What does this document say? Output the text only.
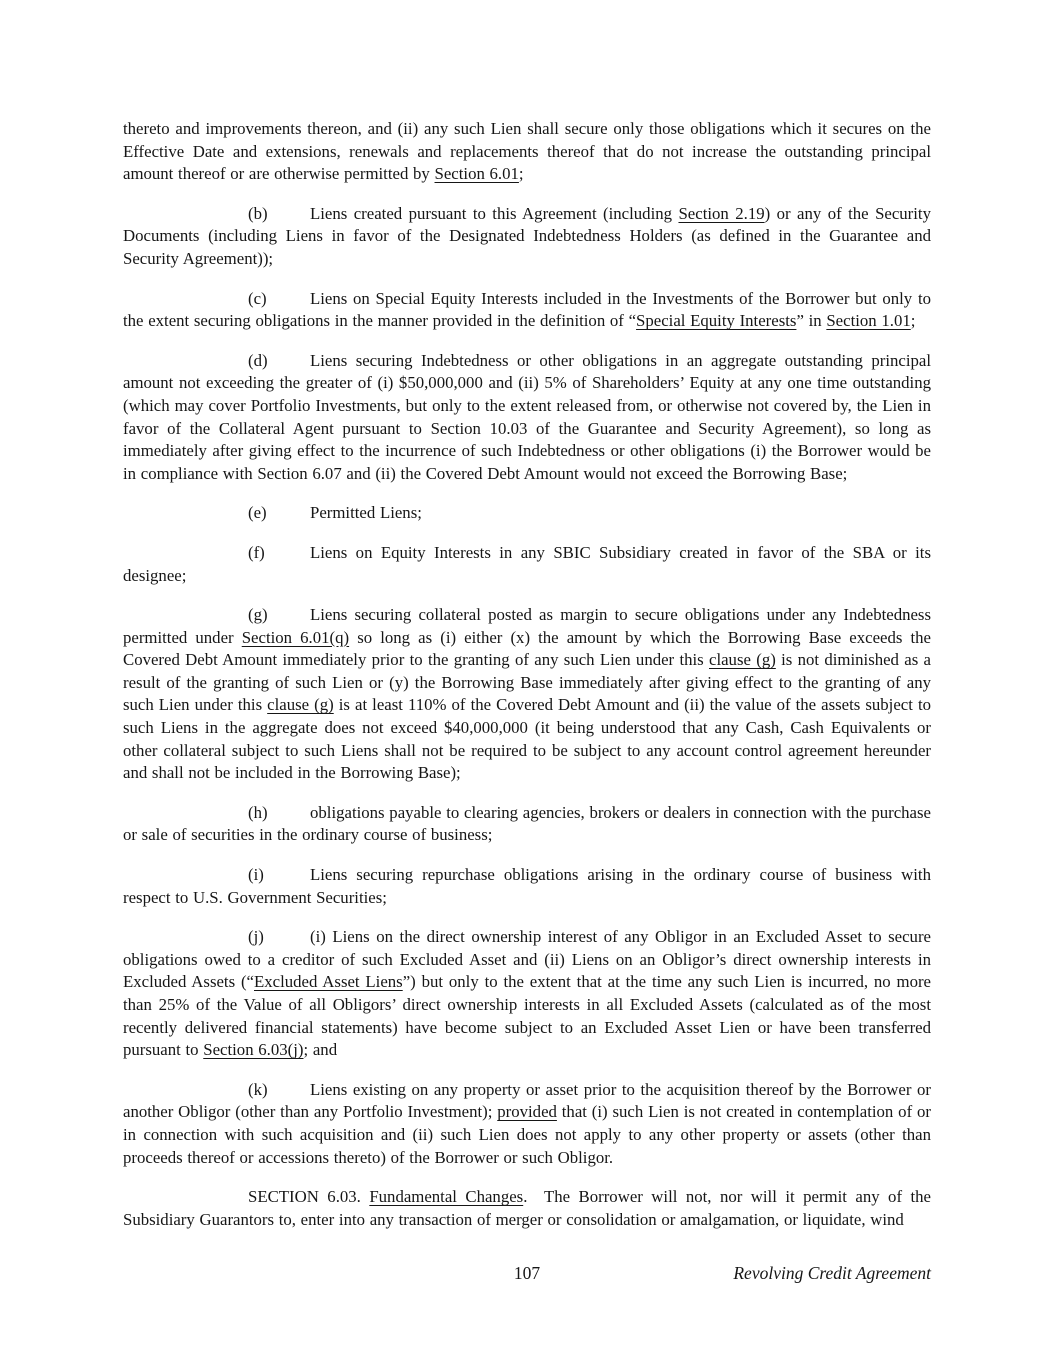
thereto and improvements thereon, and (ii) any such Lien shall secure only those obligations which it secures on the Effective Date and extensions, renewals and replacements thereof that do not increase the outstanding principal amount thereof or are otherwise permitted by Section 6.01;

(b)	Liens created pursuant to this Agreement (including Section 2.19) or any of the Security Documents (including Liens in favor of the Designated Indebtedness Holders (as defined in the Guarantee and Security Agreement));

(c)	Liens on Special Equity Interests included in the Investments of the Borrower but only to the extent securing obligations in the manner provided in the definition of “Special Equity Interests” in Section 1.01;

(d)	Liens securing Indebtedness or other obligations in an aggregate outstanding principal amount not exceeding the greater of (i) $50,000,000 and (ii) 5% of Shareholders’ Equity at any one time outstanding (which may cover Portfolio Investments, but only to the extent released from, or otherwise not covered by, the Lien in favor of the Collateral Agent pursuant to Section 10.03 of the Guarantee and Security Agreement), so long as immediately after giving effect to the incurrence of such Indebtedness or other obligations (i) the Borrower would be in compliance with Section 6.07 and (ii) the Covered Debt Amount would not exceed the Borrowing Base;

(e)	Permitted Liens;

(f)	Liens on Equity Interests in any SBIC Subsidiary created in favor of the SBA or its designee;

(g)	Liens securing collateral posted as margin to secure obligations under any Indebtedness permitted under Section 6.01(q) so long as (i) either (x) the amount by which the Borrowing Base exceeds the Covered Debt Amount immediately prior to the granting of any such Lien under this clause (g) is not diminished as a result of the granting of such Lien or (y) the Borrowing Base immediately after giving effect to the granting of any such Lien under this clause (g) is at least 110% of the Covered Debt Amount and (ii) the value of the assets subject to such Liens in the aggregate does not exceed $40,000,000 (it being understood that any Cash, Cash Equivalents or other collateral subject to such Liens shall not be required to be subject to any account control agreement hereunder and shall not be included in the Borrowing Base);

(h)	obligations payable to clearing agencies, brokers or dealers in connection with the purchase or sale of securities in the ordinary course of business;

(i)	Liens securing repurchase obligations arising in the ordinary course of business with respect to U.S. Government Securities;

(j)	(i) Liens on the direct ownership interest of any Obligor in an Excluded Asset to secure obligations owed to a creditor of such Excluded Asset and (ii) Liens on an Obligor’s direct ownership interests in Excluded Assets (“Excluded Asset Liens”) but only to the extent that at the time any such Lien is incurred, no more than 25% of the Value of all Obligors’ direct ownership interests in all Excluded Assets (calculated as of the most recently delivered financial statements) have become subject to an Excluded Asset Lien or have been transferred pursuant to Section 6.03(j); and

(k)	Liens existing on any property or asset prior to the acquisition thereof by the Borrower or another Obligor (other than any Portfolio Investment); provided that (i) such Lien is not created in contemplation of or in connection with such acquisition and (ii) such Lien does not apply to any other property or assets (other than proceeds thereof or accessions thereto) of the Borrower or such Obligor.

SECTION 6.03. Fundamental Changes.  The Borrower will not, nor will it permit any of the Subsidiary Guarantors to, enter into any transaction of merger or consolidation or amalgamation, or liquidate, wind

107	Revolving Credit Agreement
